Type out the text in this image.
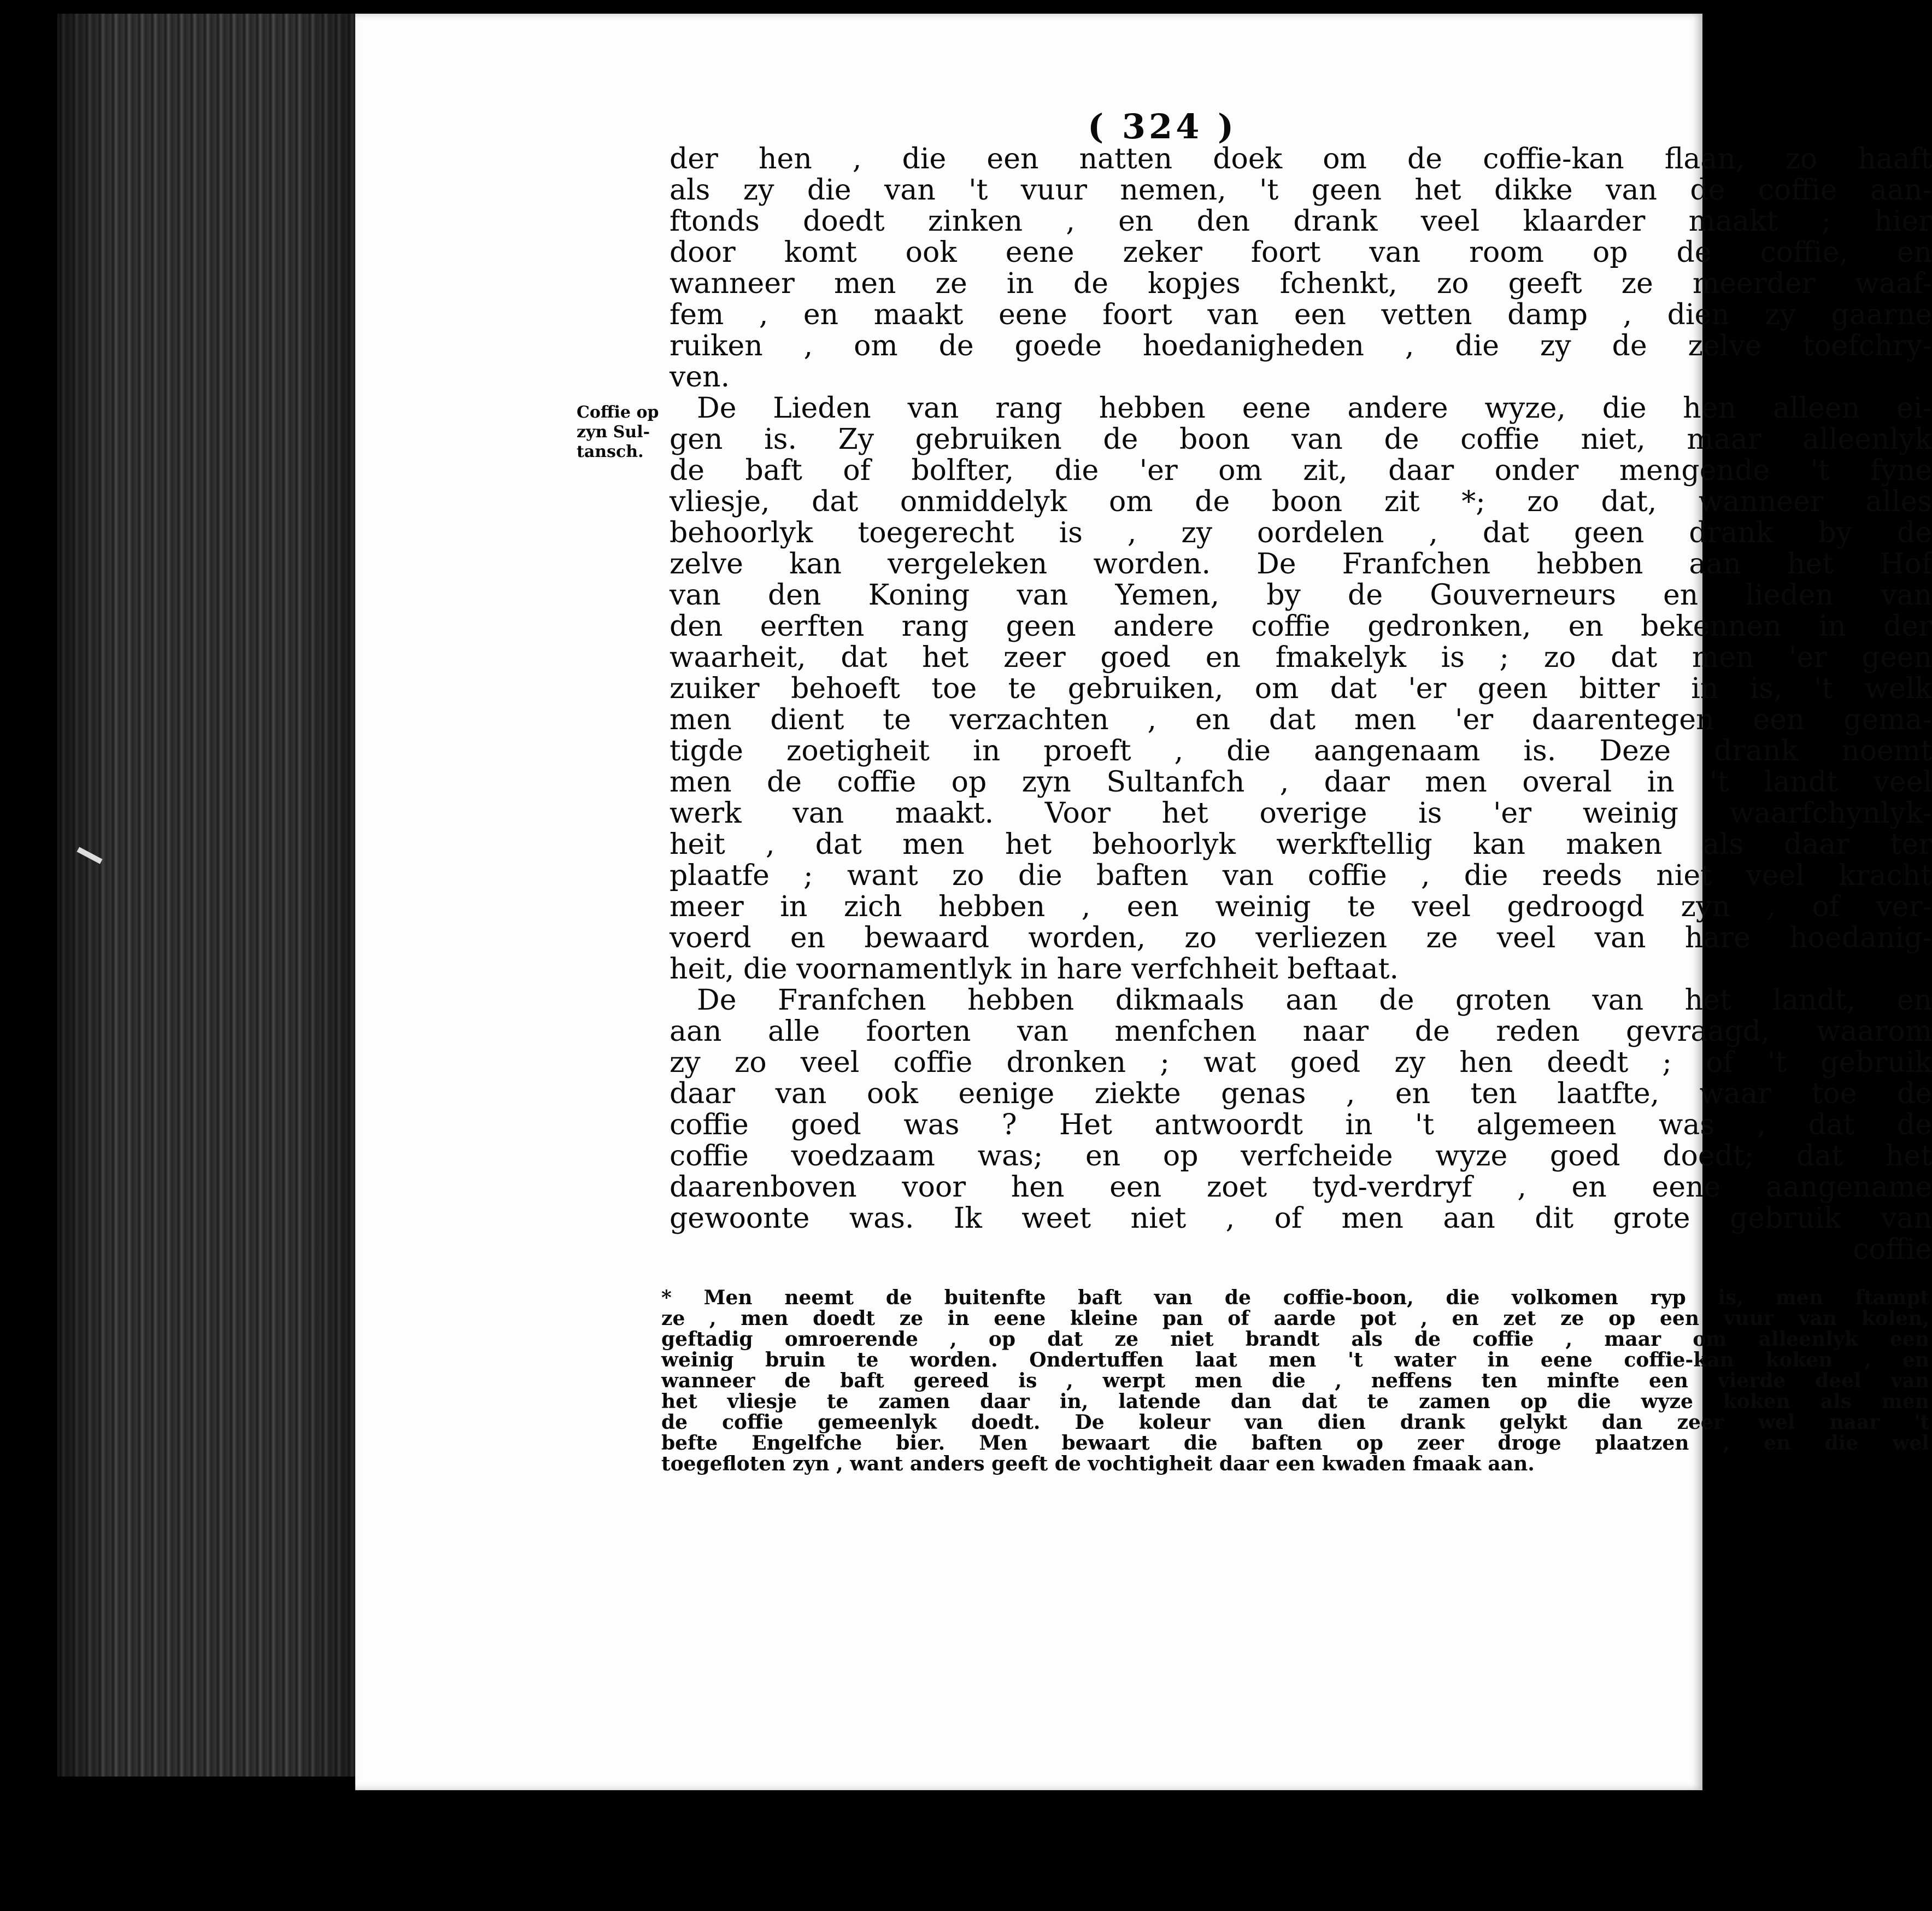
( 324 )
Coffie op
zyn Sul-
tansch.
der hen , die een natten doek om de coffie-kan flaan, zo haaft
als zy die van 't vuur nemen, 't geen het dikke van de coffie aan-
ftonds doedt zinken , en den drank veel klaarder maakt ; hier
door komt ook eene zeker foort van room op de coffie, en
wanneer men ze in de kopjes fchenkt, zo geeft ze meerder waaf-
fem , en maakt eene foort van een vetten damp , dien zy gaarne
ruiken , om de goede hoedanigheden , die zy de zelve toefchry-
ven.
De Lieden van rang hebben eene andere wyze, die hen alleen ei-
gen is. Zy gebruiken de boon van de coffie niet, maar alleenlyk
de baft of bolfter, die 'er om zit, daar onder mengende 't fyne
vliesje, dat onmiddelyk om de boon zit *; zo dat, wanneer alles
behoorlyk toegerecht is , zy oordelen , dat geen drank by de
zelve kan vergeleken worden. De Franfchen hebben aan het Hof
van den Koning van Yemen, by de Gouverneurs en lieden van
den eerften rang geen andere coffie gedronken, en bekennen in der
waarheit, dat het zeer goed en fmakelyk is ; zo dat men 'er geen
zuiker behoeft toe te gebruiken, om dat 'er geen bitter in is, 't welk
men dient te verzachten , en dat men 'er daarentegen een gema-
tigde zoetigheit in proeft , die aangenaam is. Deze drank noemt
men de coffie op zyn Sultanfch , daar men overal in 't landt veel
werk van maakt. Voor het overige is 'er weinig waarfchynlyk-
heit , dat men het behoorlyk werkftellig kan maken als daar ter
plaatfe ; want zo die baften van coffie , die reeds niet veel kracht
meer in zich hebben , een weinig te veel gedroogd zyn , of ver-
voerd en bewaard worden, zo verliezen ze veel van hare hoedanig-
heit, die voornamentlyk in hare verfchheit beftaat.
De Franfchen hebben dikmaals aan de groten van het landt, en
aan alle foorten van menfchen naar de reden gevraagd, waarom
zy zo veel coffie dronken ; wat goed zy hen deedt ; of 't gebruik
daar van ook eenige ziekte genas , en ten laatfte, waar toe de
coffie goed was ? Het antwoordt in 't algemeen was , dat de
coffie voedzaam was; en op verfcheide wyze goed doedt; dat het
daarenboven voor hen een zoet tyd-verdryf , en eene aangename
gewoonte was. Ik weet niet , of men aan dit grote gebruik van
coffie
* Men neemt de buitenfte baft van de coffie-boon, die volkomen ryp is, men ftampt
ze , men doedt ze in eene kleine pan of aarde pot , en zet ze op een vuur van kolen,
geftadig omroerende , op dat ze niet brandt als de coffie , maar om alleenlyk een
weinig bruin te worden. Ondertuffen laat men 't water in eene coffie-kan koken , en
wanneer de baft gereed is , werpt men die , neffens ten minfte een vierde deel van
het vliesje te zamen daar in, latende dan dat te zamen op die wyze koken als men
de coffie gemeenlyk doedt. De koleur van dien drank gelykt dan zeer wel naar 't
befte Engelfche bier. Men bewaart die baften op zeer droge plaatzen , en die wel
toegefloten zyn , want anders geeft de vochtigheit daar een kwaden fmaak aan.
